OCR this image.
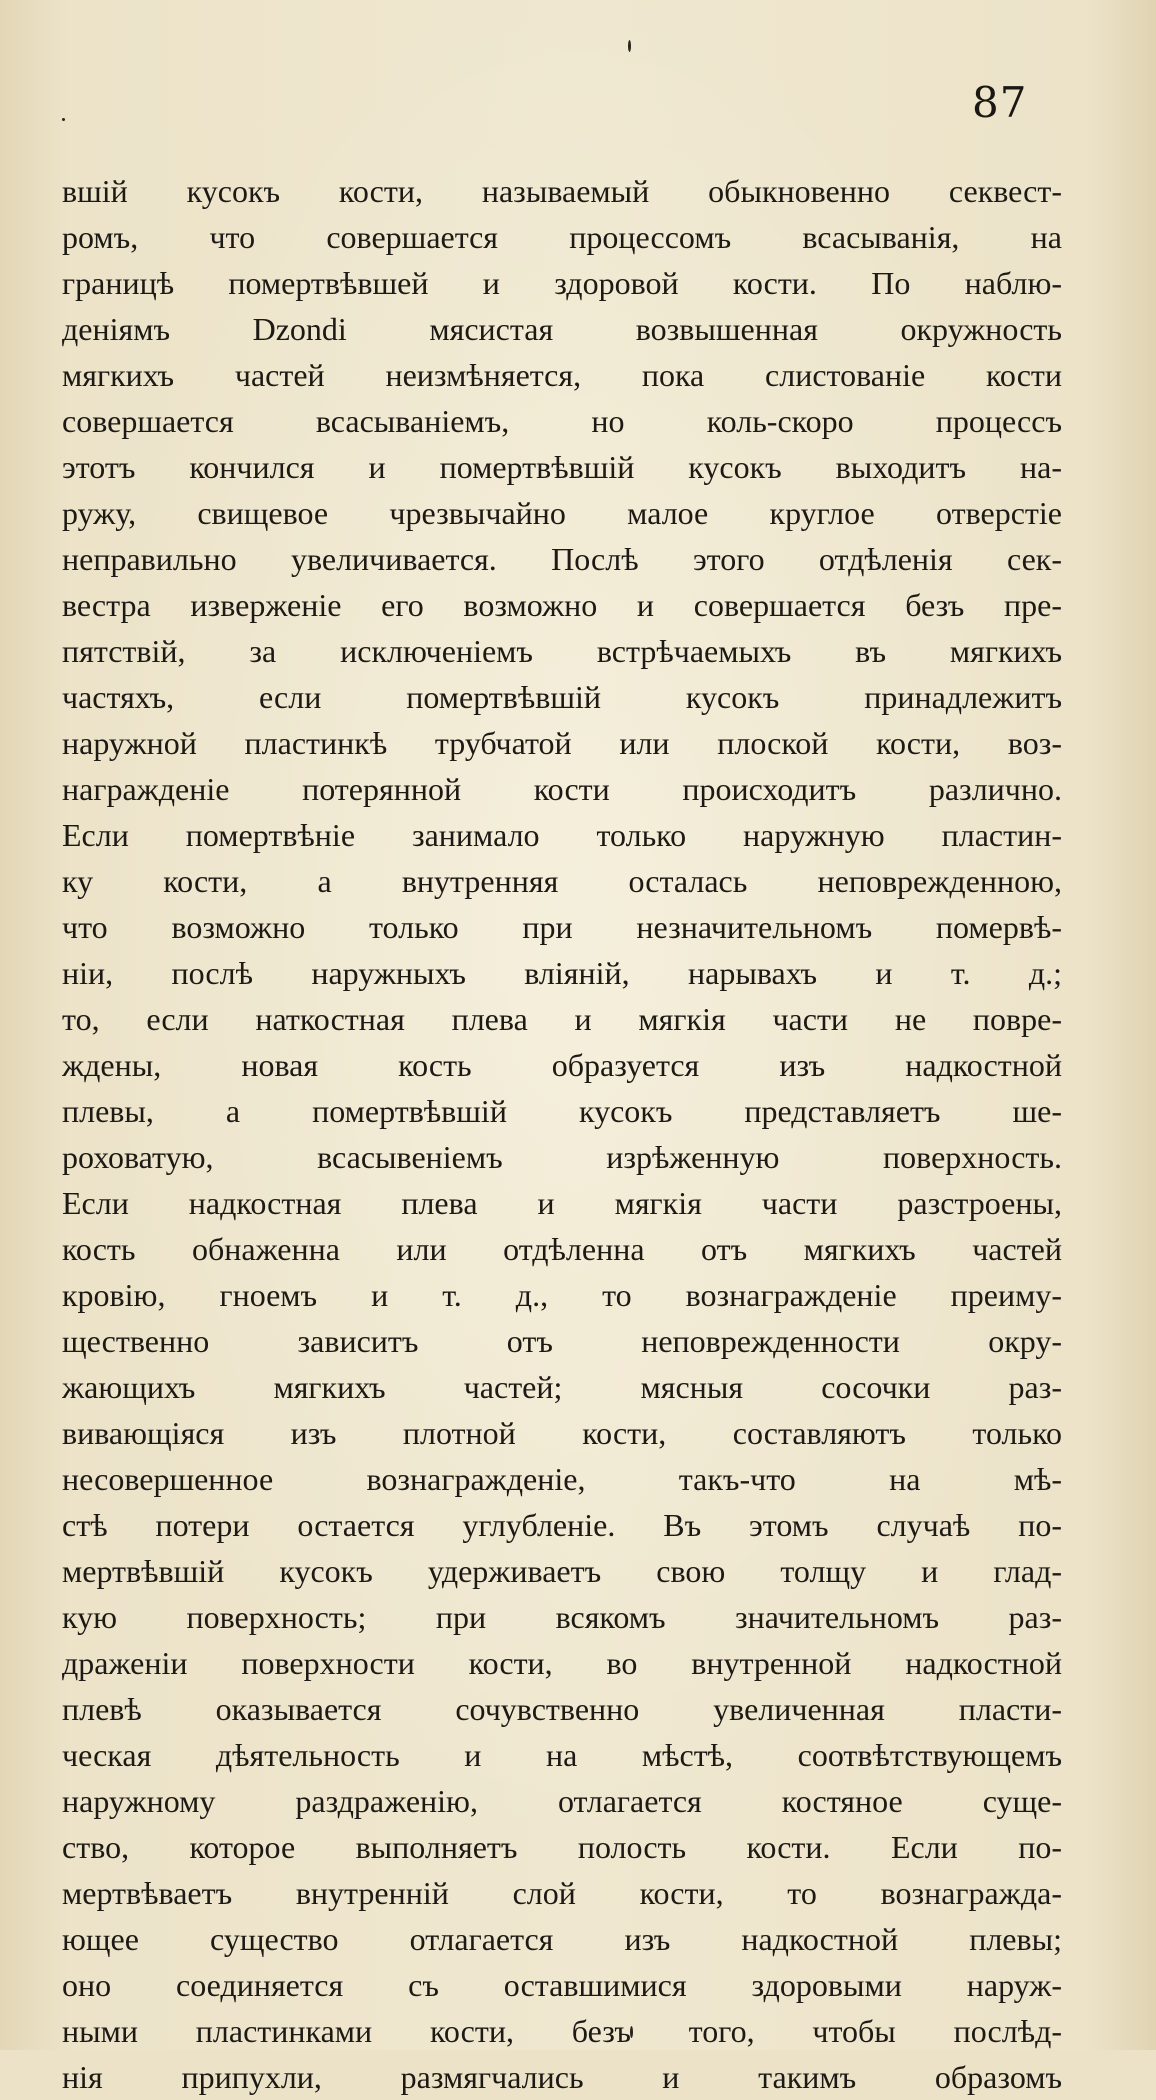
87
вшій кусокъ кости, называемый обыкновенно секвест-
ромъ, что совершается процессомъ всасыванія, на
границѣ помертвѣвшей и здоровой кости. По наблю-
деніямъ Dzondi мясистая возвышенная окружность
мягкихъ частей неизмѣняется, пока слистованіе кости
совершается всасываніемъ, но коль-скоро процессъ
этотъ кончился и помертвѣвшій кусокъ выходитъ на-
ружу, свищевое чрезвычайно малое круглое отверстіе
неправильно увеличивается. Послѣ этого отдѣленія сек-
вестра изверженіе его возможно и совершается безъ пре-
пятствій, за исключеніемъ встрѣчаемыхъ въ мягкихъ
частяхъ, если помертвѣвшій кусокъ принадлежитъ
наружной пластинкѣ трубчатой или плоской кости, воз-
награжденіе потерянной кости происходитъ различно.
Если помертвѣніе занимало только наружную пластин-
ку кости, а внутренняя осталась неповрежденною,
что возможно только при незначительномъ помервѣ-
ніи, послѣ наружныхъ вліяній, нарывахъ и т. д.;
то, если наткостная плева и мягкія части не повре-
ждены, новая кость образуется изъ надкостной
плевы, а помертвѣвшій кусокъ представляетъ ше-
роховатую, всасывеніемъ изрѣженную поверхность.
Если надкостная плева и мягкія части разстроены,
кость обнаженна или отдѣленна отъ мягкихъ частей
кровію, гноемъ и т. д., то вознагражденіе преиму-
щественно зависитъ отъ неповрежденности окру-
жающихъ мягкихъ частей; мясныя сосочки раз-
вивающіяся изъ плотной кости, составляютъ только
несовершенное вознагражденіе, такъ-что на мѣ-
стѣ потери остается углубленіе. Въ этомъ случаѣ по-
мертвѣвшій кусокъ удерживаетъ свою толщу и глад-
кую поверхность; при всякомъ значительномъ раз-
драженіи поверхности кости, во внутренной надкостной
плевѣ оказывается сочувственно увеличенная пласти-
ческая дѣятельность и на мѣстѣ, соотвѣтствующемъ
наружному раздраженію, отлагается костяное суще-
ство, которое выполняетъ полость кости. Если по-
мертвѣваетъ внутренній слой кости, то вознагражда-
ющее существо отлагается изъ надкостной плевы;
оно соединяется съ оставшимися здоровыми наруж-
ными пластинками кости, безъ того, чтобы послѣд-
нія припухли, размягчались и такимъ образомъ
